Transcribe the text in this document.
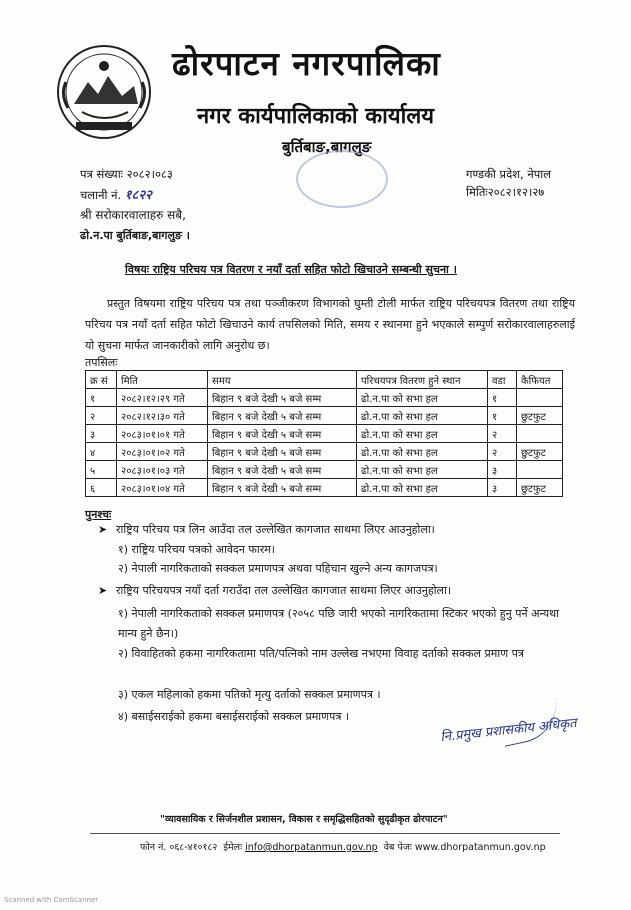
ढोरपाटन नगरपालिका
नगर कार्यपालिकाको कार्यालय
बुर्तिबाङ,बागलुङ
पत्र संख्याः २०८२।०८३
चलानी नं. १८२२
गण्डकी प्रदेश, नेपाल
मितिः२०८२।१२।२७
श्री सरोकारवालाहरु सबै,
ढो.न.पा बुर्तिबाङ,बागलुङ ।
विषयः राष्ट्रिय परिचय पत्र वितरण र नयाँ दर्ता सहित फोटो खिचाउने सम्बन्धी सुचना ।
प्रस्तुत विषयमा राष्ट्रिय परिचय पत्र तथा पञ्जीकरण विभागको घुम्ती टोली मार्फत राष्ट्रिय परिचयपत्र वितरण तथा राष्ट्रिय परिचय पत्र नयाँ दर्ता सहित फोटो खिचाउने कार्य तपसिलको मिति, समय र स्थानमा हुने भएकाले सम्पुर्ण सरोकारवालाहरुलाई यो सुचना मार्फत जानकारीको लागि अनुरोध छ।
तपसिलः
क्र सं	मिति	समय	परिचयपत्र वितरण हुने स्थान	वडा	कैफियत
१	२०८२।१२।२९ गते	बिहान ९ बजे देखी ५ बजे सम्म	ढो.न.पा को सभा हल	१	
२	२०८२।१२।३० गते	बिहान ९ बजे देखी ५ बजे सम्म	ढो.न.पा को सभा हल	१	छुटफुट
३	२०८३।०१।०१ गते	बिहान ९ बजे देखी ५ बजे सम्म	ढो.न.पा को सभा हल	२	
४	२०८३।०१।०२ गते	बिहान ९ बजे देखी ५ बजे सम्म	ढो.न.पा को सभा हल	२	छुटफुट
५	२०८३।०१।०३ गते	बिहान ९ बजे देखी ५ बजे सम्म	ढो.न.पा को सभा हल	३	
६	२०८३।०१।०४ गते	बिहान ९ बजे देखी ५ बजे सम्म	ढो.न.पा को सभा हल	३	छुटफुट
पुनश्चः
➤ राष्ट्रिय परिचय पत्र लिन आउँदा तल उल्लेखित कागजात साथमा लिएर आउनुहोला।
१) राष्ट्रिय परिचय पत्रको आवेदन फारम।
२) नेपाली नागरिकताको सक्कल प्रमाणपत्र अथवा पहिचान खुल्ने अन्य कागजपत्र।
➤ राष्ट्रिय परिचयपत्र नयाँ दर्ता गराउँदा तल उल्लेखित कागजात साथमा लिएर आउनुहोला।
१) नेपाली नागरिकताको सक्कल प्रमाणपत्र (२०५८ पछि जारी भएको नागरिकतामा स्टिकर भएको हुनु पर्ने अन्यथा मान्य हुने छैन।)
२) विवाहितको हकमा नागरिकतामा पति/पत्निको नाम उल्लेख नभएमा विवाह दर्ताको सक्कल प्रमाण पत्र
३) एकल महिलाको हकमा पतिको मृत्यु दर्ताको सक्कल प्रमाणपत्र ।
४) बसाईसराईको हकमा बसाईसराईको सक्कल प्रमाणपत्र ।	नि.प्रमुख प्रशासकीय अधिकृत
"व्यावसायिक र सिर्जनशील प्रशासन, विकास र समृद्धिसहितको सुदृढीकृत ढोरपाटन"
फोन नं. ०६८-४१०१८२ ईमेलः info@dhorpatanmun.gov.np वेब पेजः www.dhorpatanmun.gov.np
Scanned with CamScanner
